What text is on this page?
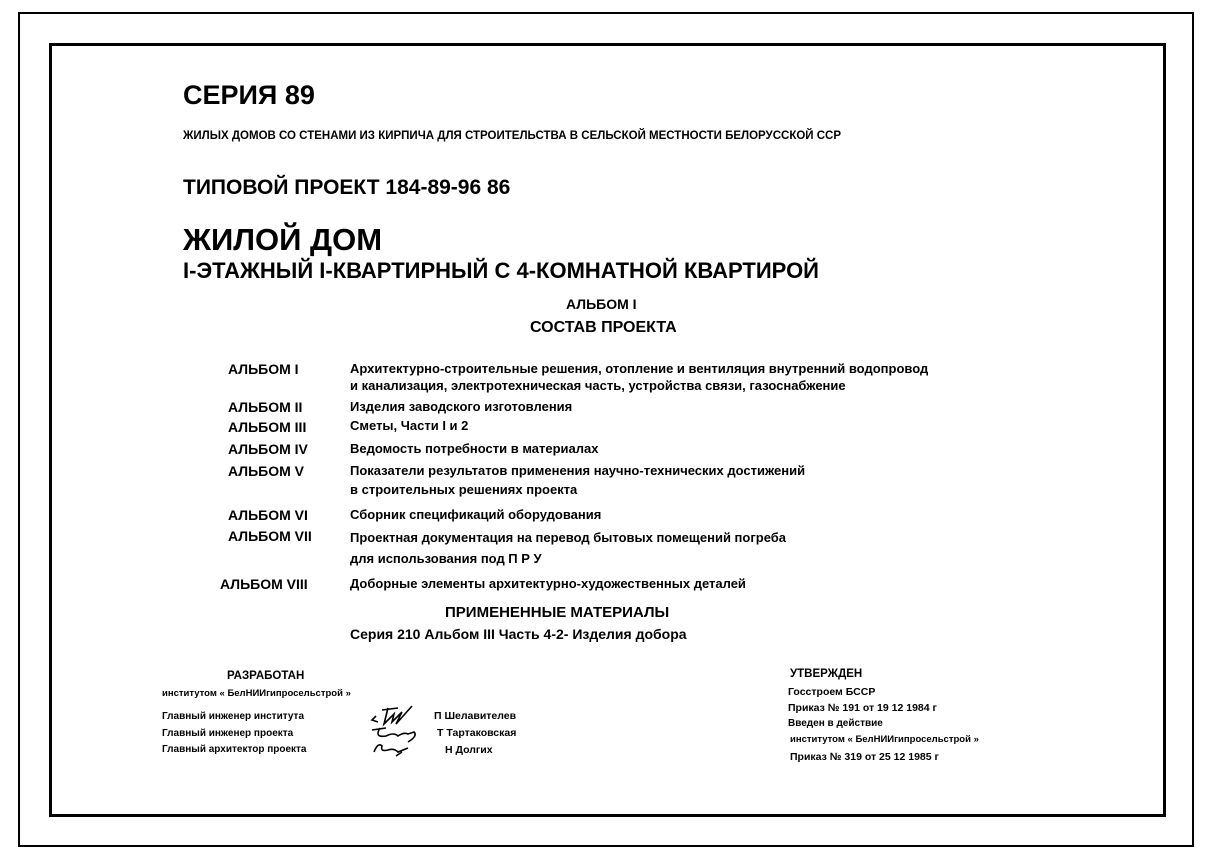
СЕРИЯ 89
ЖИЛЫХ ДОМОВ СО СТЕНАМИ ИЗ КИРПИЧА ДЛЯ СТРОИТЕЛЬСТВА В СЕЛЬСКОЙ МЕСТНОСТИ БЕЛОРУССКОЙ ССР
ТИПОВОЙ ПРОЕКТ 184-89-96 86
ЖИЛОЙ ДОМ
I-ЭТАЖНЫЙ I-КВАРТИРНЫЙ С 4-КОМНАТНОЙ КВАРТИРОЙ
АЛЬБОМ I
СОСТАВ ПРОЕКТА
АЛЬБОМ I	Архитектурно-строительные решения, отопление и вентиляция внутренний водопровод
и канализация, электротехническая часть, устройства связи, газоснабжение
АЛЬБОМ II	Изделия заводского изготовления
АЛЬБОМ III	Сметы, Части I и 2
АЛЬБОМ IV	Ведомость потребности в материалах
АЛЬБОМ V	Показатели результатов применения научно-технических достижений
в строительных решениях проекта
АЛЬБОМ VI	Сборник спецификаций оборудования
АЛЬБОМ VII	Проектная документация на перевод бытовых помещений погреба
для использования под П Р У
АЛЬБОМ VIII	Доборные элементы архитектурно-художественных деталей
ПРИМЕНЕННЫЕ МАТЕРИАЛЫ
Серия 210 Альбом III Часть 4-2- Изделия добора
РАЗРАБОТАН
институтом « БелНИИгипросельстрой »
Главный инженер института	П Шелавителев
Главный инженер проекта	Т Тартаковская
Главный архитектор проекта	Н Долгих
УТВЕРЖДЕН
Госстроем БССР
Приказ № 191 от 19 12 1984 г
Введен в действие
институтом « БелНИИгипросельстрой »
Приказ № 319 от 25 12 1985 г
